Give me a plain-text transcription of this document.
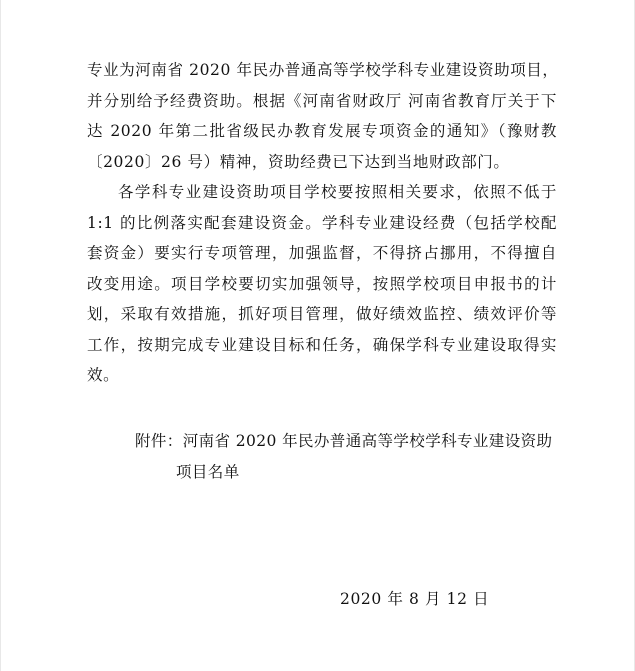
专业为河南省 2020 年民办普通高等学校学科专业建设资助项目，
并分别给予经费资助。根据《河南省财政厅 河南省教育厅关于下
达 2020 年第二批省级民办教育发展专项资金的通知》（豫财教
〔2020〕26 号）精神，资助经费已下达到当地财政部门。
各学科专业建设资助项目学校要按照相关要求，依照不低于
1:1 的比例落实配套建设资金。学科专业建设经费（包括学校配
套资金）要实行专项管理，加强监督，不得挤占挪用，不得擅自
改变用途。项目学校要切实加强领导，按照学校项目申报书的计
划，采取有效措施，抓好项目管理，做好绩效监控、绩效评价等
工作，按期完成专业建设目标和任务，确保学科专业建设取得实
效。
附件：河南省 2020 年民办普通高等学校学科专业建设资助
项目名单
2020 年 8 月 12 日
